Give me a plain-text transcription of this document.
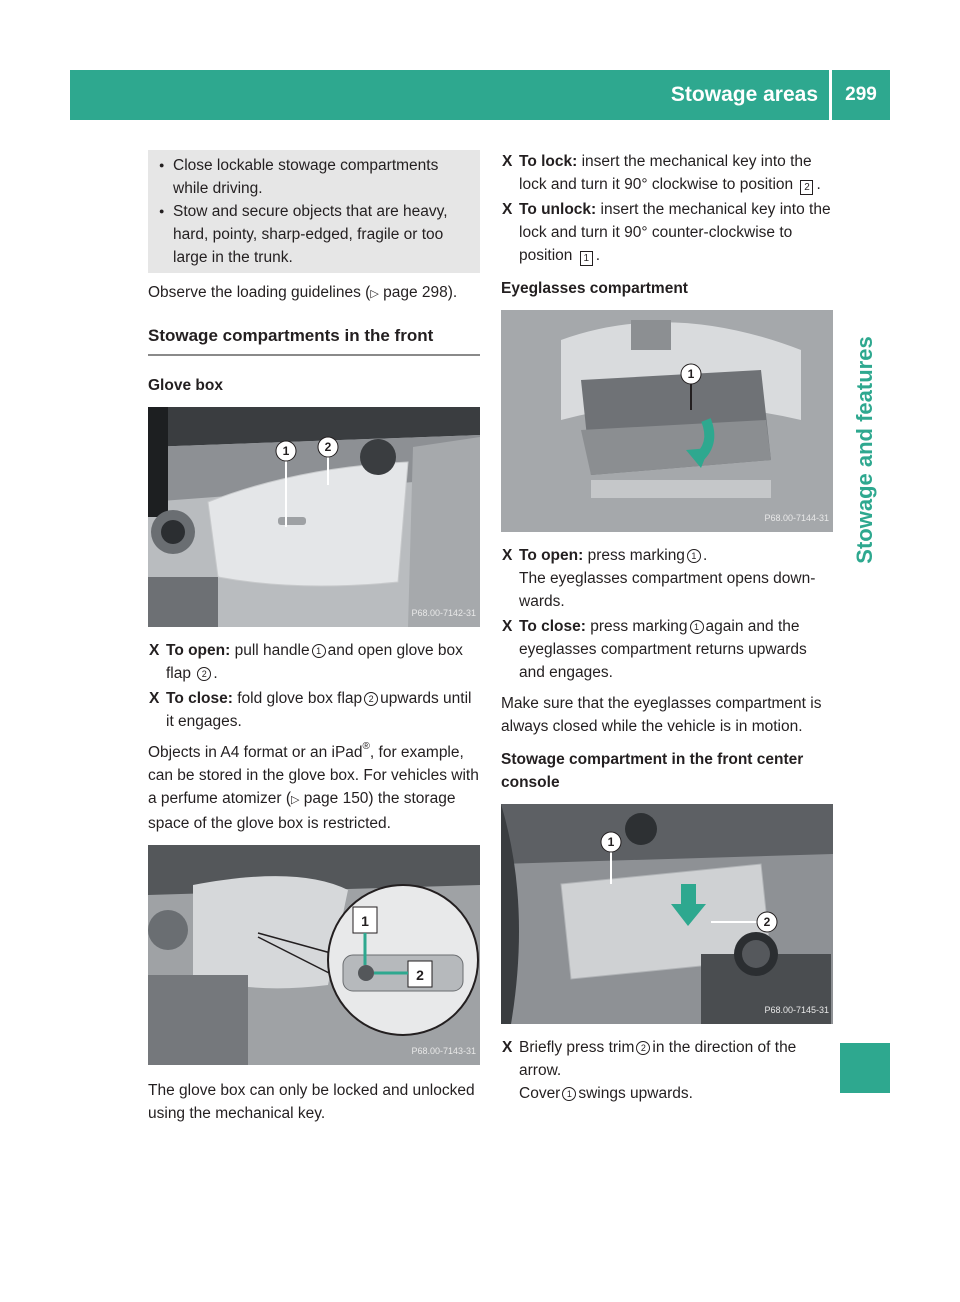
Stowage areas	299
Stowage and features
● Close lockable stowage compartments while driving.
● Stow and secure objects that are heavy, hard, pointy, sharp-edged, fragile or too large in the trunk.
Observe the loading guidelines (▷ page 298).
Stowage compartments in the front
Glove box
1	2
P68.00-7142-31
X To open: pull handle 1 and open glove box flap 2 .
X To close: fold glove box flap 2 upwards until it engages.
Objects in A4 format or an iPad®, for example, can be stored in the glove box. For vehicles with a perfume atomizer (▷ page 150) the storage space of the glove box is restricted.
1
2
P68.00-7143-31
The glove box can only be locked and unlocked using the mechanical key.
X To lock: insert the mechanical key into the lock and turn it 90° clockwise to position 2 .
X To unlock: insert the mechanical key into the lock and turn it 90° counter-clockwise to position 1 .
Eyeglasses compartment
1
P68.00-7144-31
X To open: press marking 1 .
The eyeglasses compartment opens down- wards.
X To close: press marking 1 again and the eyeglasses compartment returns upwards and engages.
Make sure that the eyeglasses compartment is always closed while the vehicle is in motion.
Stowage compartment in the front center console
1
2
P68.00-7145-31
X Briefly press trim 2 in the direction of the arrow.
Cover 1 swings upwards.
